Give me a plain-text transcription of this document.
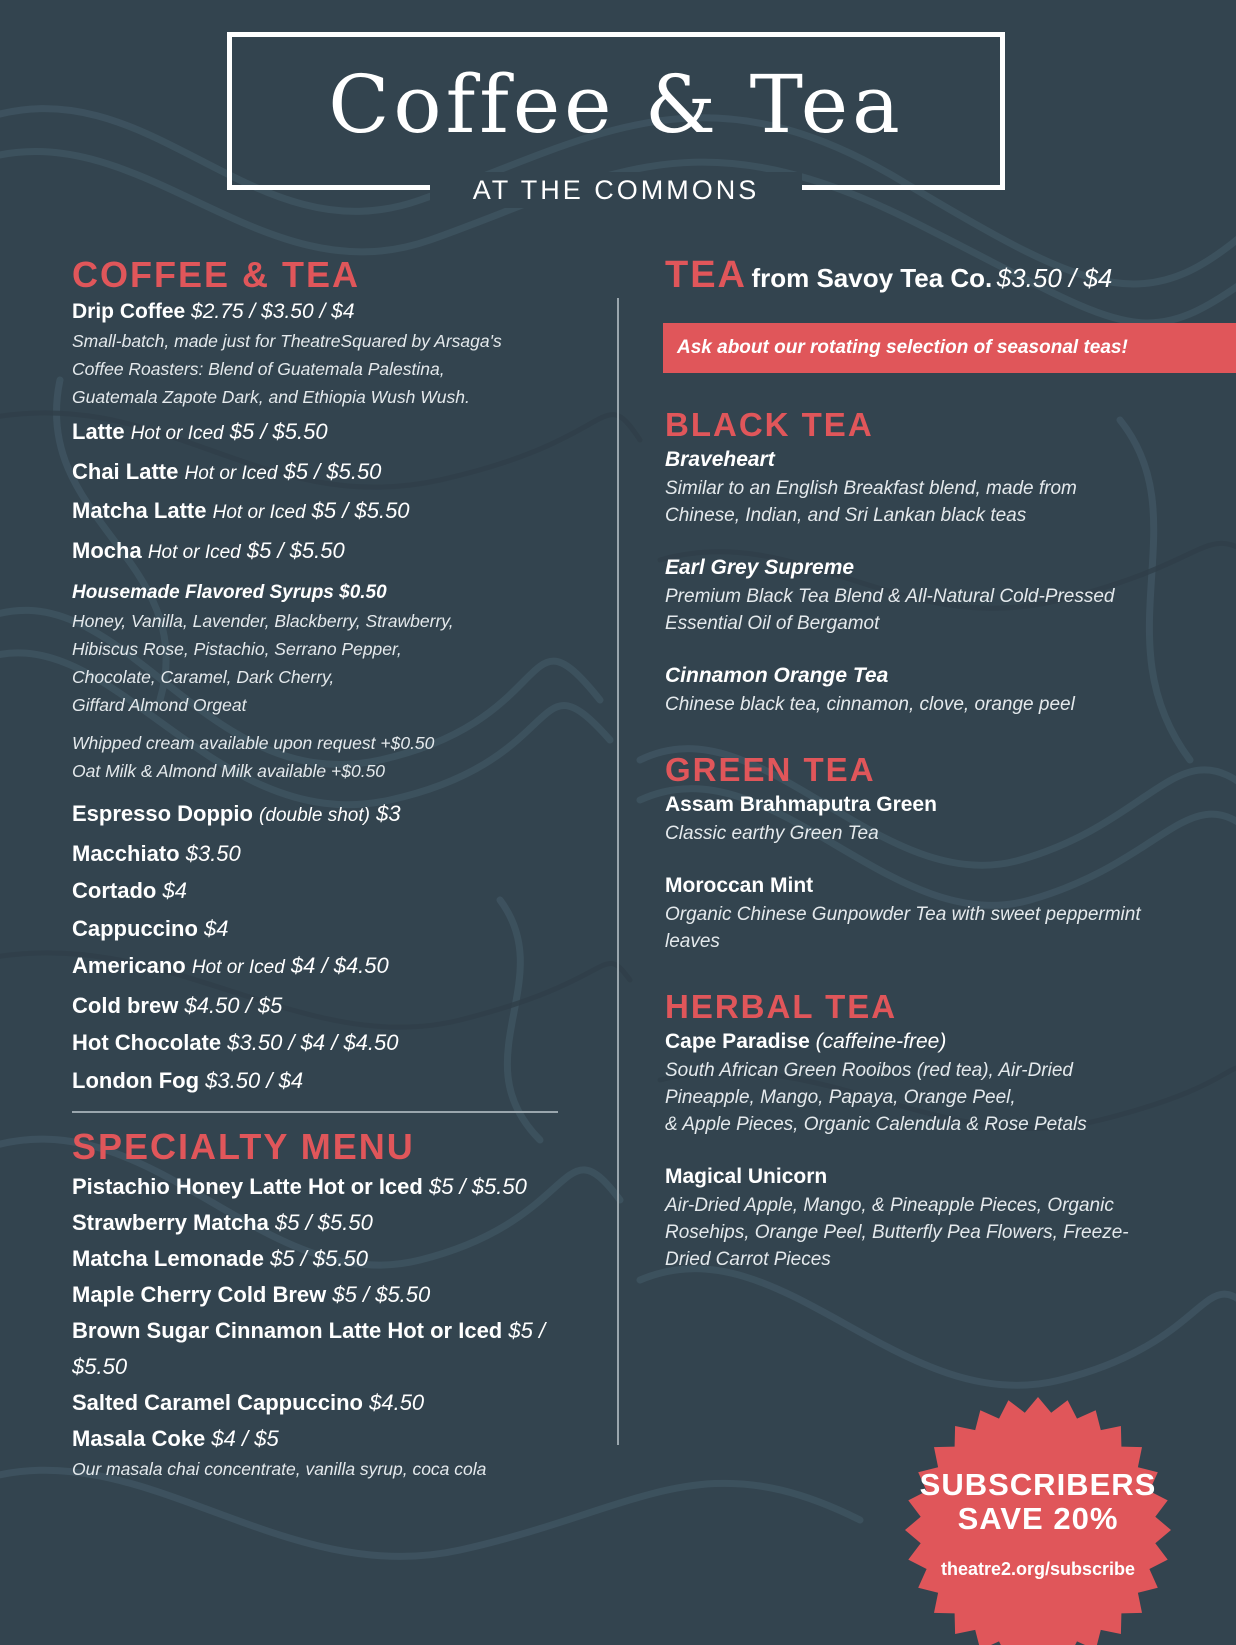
Coffee & Tea
AT THE COMMONS
COFFEE & TEA
Drip Coffee $2.75 / $3.50 / $4
Small-batch, made just for TheatreSquared by Arsaga's
Coffee Roasters: Blend of Guatemala Palestina,
Guatemala Zapote Dark, and Ethiopia Wush Wush.
Latte Hot or Iced $5 / $5.50
Chai Latte Hot or Iced $5 / $5.50
Matcha Latte Hot or Iced $5 / $5.50
Mocha Hot or Iced $5 / $5.50
Housemade Flavored Syrups $0.50
Honey, Vanilla, Lavender, Blackberry, Strawberry,
Hibiscus Rose, Pistachio, Serrano Pepper,
Chocolate, Caramel, Dark Cherry,
Giffard Almond Orgeat
Whipped cream available upon request +$0.50
Oat Milk & Almond Milk available +$0.50
Espresso Doppio (double shot) $3
Macchiato $3.50
Cortado $4
Cappuccino $4
Americano Hot or Iced $4 / $4.50
Cold brew $4.50 / $5
Hot Chocolate $3.50 / $4 / $4.50
London Fog $3.50 / $4
SPECIALTY MENU
Pistachio Honey Latte Hot or Iced $5 / $5.50
Strawberry Matcha $5 / $5.50
Matcha Lemonade $5 / $5.50
Maple Cherry Cold Brew $5 / $5.50
Brown Sugar Cinnamon Latte Hot or Iced $5 / $5.50
Salted Caramel Cappuccino $4.50
Masala Coke $4 / $5
Our masala chai concentrate, vanilla syrup, coca cola
TEA from Savoy Tea Co. $3.50 / $4
Ask about our rotating selection of seasonal teas!
BLACK TEA
Braveheart
Similar to an English Breakfast blend, made from
Chinese, Indian, and Sri Lankan black teas
Earl Grey Supreme
Premium Black Tea Blend & All-Natural Cold-Pressed
Essential Oil of Bergamot
Cinnamon Orange Tea
Chinese black tea, cinnamon, clove, orange peel
GREEN TEA
Assam Brahmaputra Green
Classic earthy Green Tea
Moroccan Mint
Organic Chinese Gunpowder Tea with sweet peppermint
leaves
HERBAL TEA
Cape Paradise (caffeine-free)
South African Green Rooibos (red tea), Air-Dried
Pineapple, Mango, Papaya, Orange Peel,
& Apple Pieces, Organic Calendula & Rose Petals
Magical Unicorn
Air-Dried Apple, Mango, & Pineapple Pieces, Organic
Rosehips, Orange Peel, Butterfly Pea Flowers, Freeze-
Dried Carrot Pieces
SUBSCRIBERS
SAVE 20%
theatre2.org/subscribe
